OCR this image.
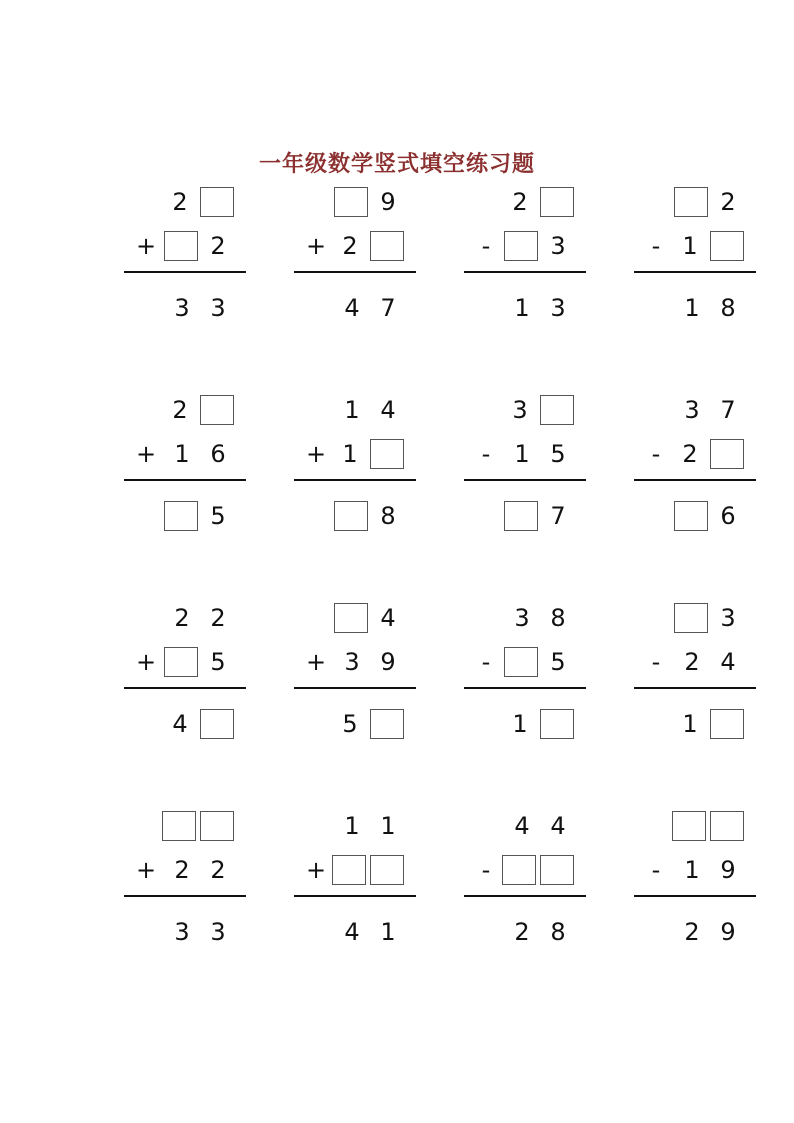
一年级数学竖式填空练习题
2
2
3 3
+
9
2
4 7
+
2
3
1 3
-
2
1
1 8
-
2
1 6
5
+
1 4
1
8
+
3
1 5
7
-
3 7
2
6
-
2 2
5
4
+
4
3 9
5
+
3 8
5
1
-
3
2 4
1
-
2 2
3 3
+
1 1
4 1
+
4 4
2 8
-	1 9
2 9
-
